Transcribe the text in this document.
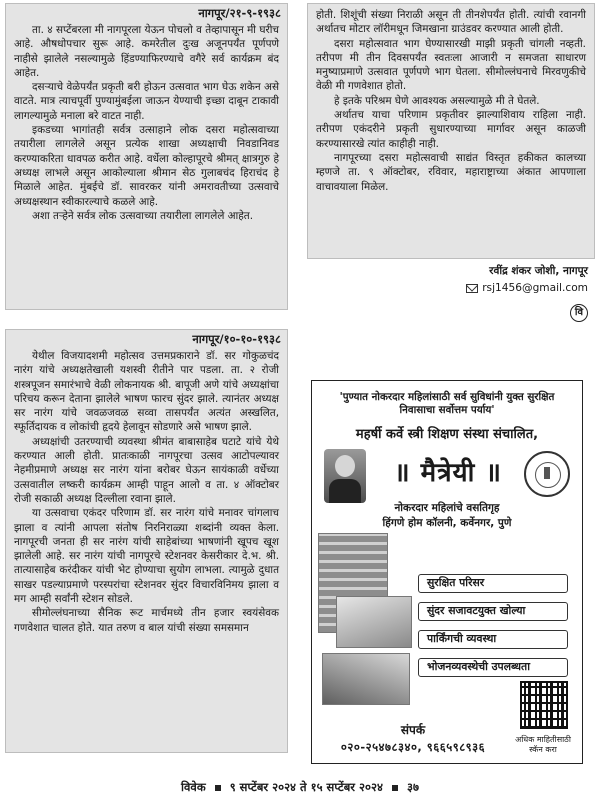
नागपूर/२१-९-१९३८

ता. ४ सप्टेंबरला मी नागपूरला येऊन पोचलो व तेव्हापासून मी घरीच आहे. औषधोपचार सुरू आहे. कमरेतील दुःख अजूनपर्यंत पूर्णपणे नाहीसे झालेले नसल्यामुळे हिंडण्याफिरण्याचे वगैरे सर्व कार्यक्रम बंद आहेत.

दसऱ्याचे वेळेपर्यंत प्रकृती बरी होऊन उत्सवात भाग घेऊ शकेन असे वाटते. मात्र त्याचपूर्वी पुण्यामुंबईला जाऊन येण्याची इच्छा दाबून टाकावी लागल्यामुळे मनाला बरे वाटत नाही.

इकडच्या भागांतही सर्वत्र उत्साहाने लोक दसरा महोत्सवाच्या तयारीला लागलेले असून प्रत्येक शाखा अध्यक्षाची निवडानिवड करण्याकरिता धावपळ करीत आहे. वर्धेला कोल्हापूरचे श्रीमत् क्षात्रगुरु हे अध्यक्ष लाभले असून आकोल्याला श्रीमान सेठ गुलाबचंद हिराचंद हे मिळाले आहेत. मुंबईचे डॉ. सावरकर यांनी अमरावतीच्या उत्सवाचे अध्यक्षस्थान स्वीकारल्याचे कळले आहे.

अशा तऱ्हेने सर्वत्र लोक उत्सवाच्या तयारीला लागलेले आहेत.

होती. शिशूंची संख्या निराळी असून ती तीनशेपर्यंत होती. त्यांची रवानगी अर्थातच मोटार लॉरीमधून जिमखाना ग्राउंडवर करण्यात आली होती.

दसरा महोत्सवात भाग घेण्यासारखी माझी प्रकृती चांगली नव्हती. तरीपण मी तीन दिवसपर्यंत स्वतःला आजारी न समजता साधारण मनुष्याप्रमाणे उत्सवात पूर्णपणे भाग घेतला. सीमोल्लंघनाचे मिरवणुकीचे वेळी मी गणवेशात होतो.

हे इतके परिश्रम घेणे आवश्यक असल्यामुळे मी ते घेतले.

अर्थातच याचा परिणाम प्रकृतीवर झाल्याशिवाय राहिला नाही. तरीपण एकंदरीने प्रकृती सुधारण्याच्या मार्गावर असून काळजी करण्यासारखे त्यांत काहीही नाही.

नागपूरच्या दसरा महोत्सवाची साद्यंत विस्तृत हकीकत कालच्या म्हणजे ता. ९ ऑक्टोबर, रविवार, महाराष्ट्राच्या अंकात आपणाला वाचावयाला मिळेल.

रवींद्र शंकर जोशी, नागपूर
rsj1456@gmail.com
वि
नागपूर/१०-१०-१९३८

येथील विजयादशमी महोत्सव उत्तमप्रकाराने डॉ. सर गोकुळचंद नारंग यांचे अध्यक्षतेखाली यशस्वी रीतीने पार पडला. ता. २ रोजी शस्त्रपूजन समारंभाचे वेळी लोकनायक श्री. बापूजी अणे यांचे अध्यक्षांचा परिचय करून देताना झालेले भाषण फारच सुंदर झाले. त्यानंतर अध्यक्ष सर नारंग यांचे जवळजवळ सव्वा तासपर्यंत अत्यंत अस्खलित, स्फूर्तिदायक व लोकांची हृदये हेलावून सोडणारे असे भाषण झाले.

अध्यक्षांची उतरण्याची व्यवस्था श्रीमंत बाबासाहेब घटाटे यांचे येथे करण्यात आली होती. प्रातःकाळी नागपूरचा उत्सव आटोपल्यावर नेहमीप्रमाणे अध्यक्ष सर नारंग यांना बरोबर घेऊन सायंकाळी वर्धेच्या उत्सवातील लष्करी कार्यक्रम आम्ही पाहून आलो व ता. ४ ऑक्टोबर रोजी सकाळी अध्यक्ष दिल्लीला रवाना झाले.

या उत्सवाचा एकंदर परिणाम डॉ. सर नारंग यांचे मनावर चांगलाच झाला व त्यांनी आपला संतोष निरनिराळ्या शब्दांनी व्यक्त केला. नागपूरची जनता ही सर नारंग यांची साहेबांच्या भाषणांनी खूपच खूश झालेली आहे. सर नारंग यांची नागपूरचे स्टेशनवर केसरीकार दे.भ. श्री. तात्यासाहेब करंदीकर यांची भेट होण्याचा सुयोग लाभला. त्यामुळे दुधात साखर पडल्याप्रमाणे परस्परांचा स्टेशनवर सुंदर विचारविनिमय झाला व मग आम्ही सर्वांनी स्टेशन सोडले.

सीमोल्लंघनाच्या सैनिक रूट मार्चमध्ये तीन हजार स्वयंसेवक गणवेशात चालत होते. यात तरुण व बाल यांची संख्या समसमान

'पुण्यात नोकरदार महिलांसाठी सर्व सुविधांनी युक्त सुरक्षित निवासाचा सर्वोत्तम पर्याय'
महर्षी कर्वे स्त्री शिक्षण संस्था संचालित,
॥ मैत्रेयी ॥
नोकरदार महिलांचे वसतिगृह
हिंगणे होम कॉलनी, कर्वेनगर, पुणे
सुरक्षित परिसर
सुंदर सजावटयुक्त खोल्या
पार्किंगची व्यवस्था
भोजनव्यवस्थेची उपलब्धता
संपर्क
०२०-२५४७८३४०, ९६६५९८९३६
अधिक माहितीसाठी स्कॅन करा
विवेक ९ सप्टेंबर २०२४ ते १५ सप्टेंबर २०२४ ३७
